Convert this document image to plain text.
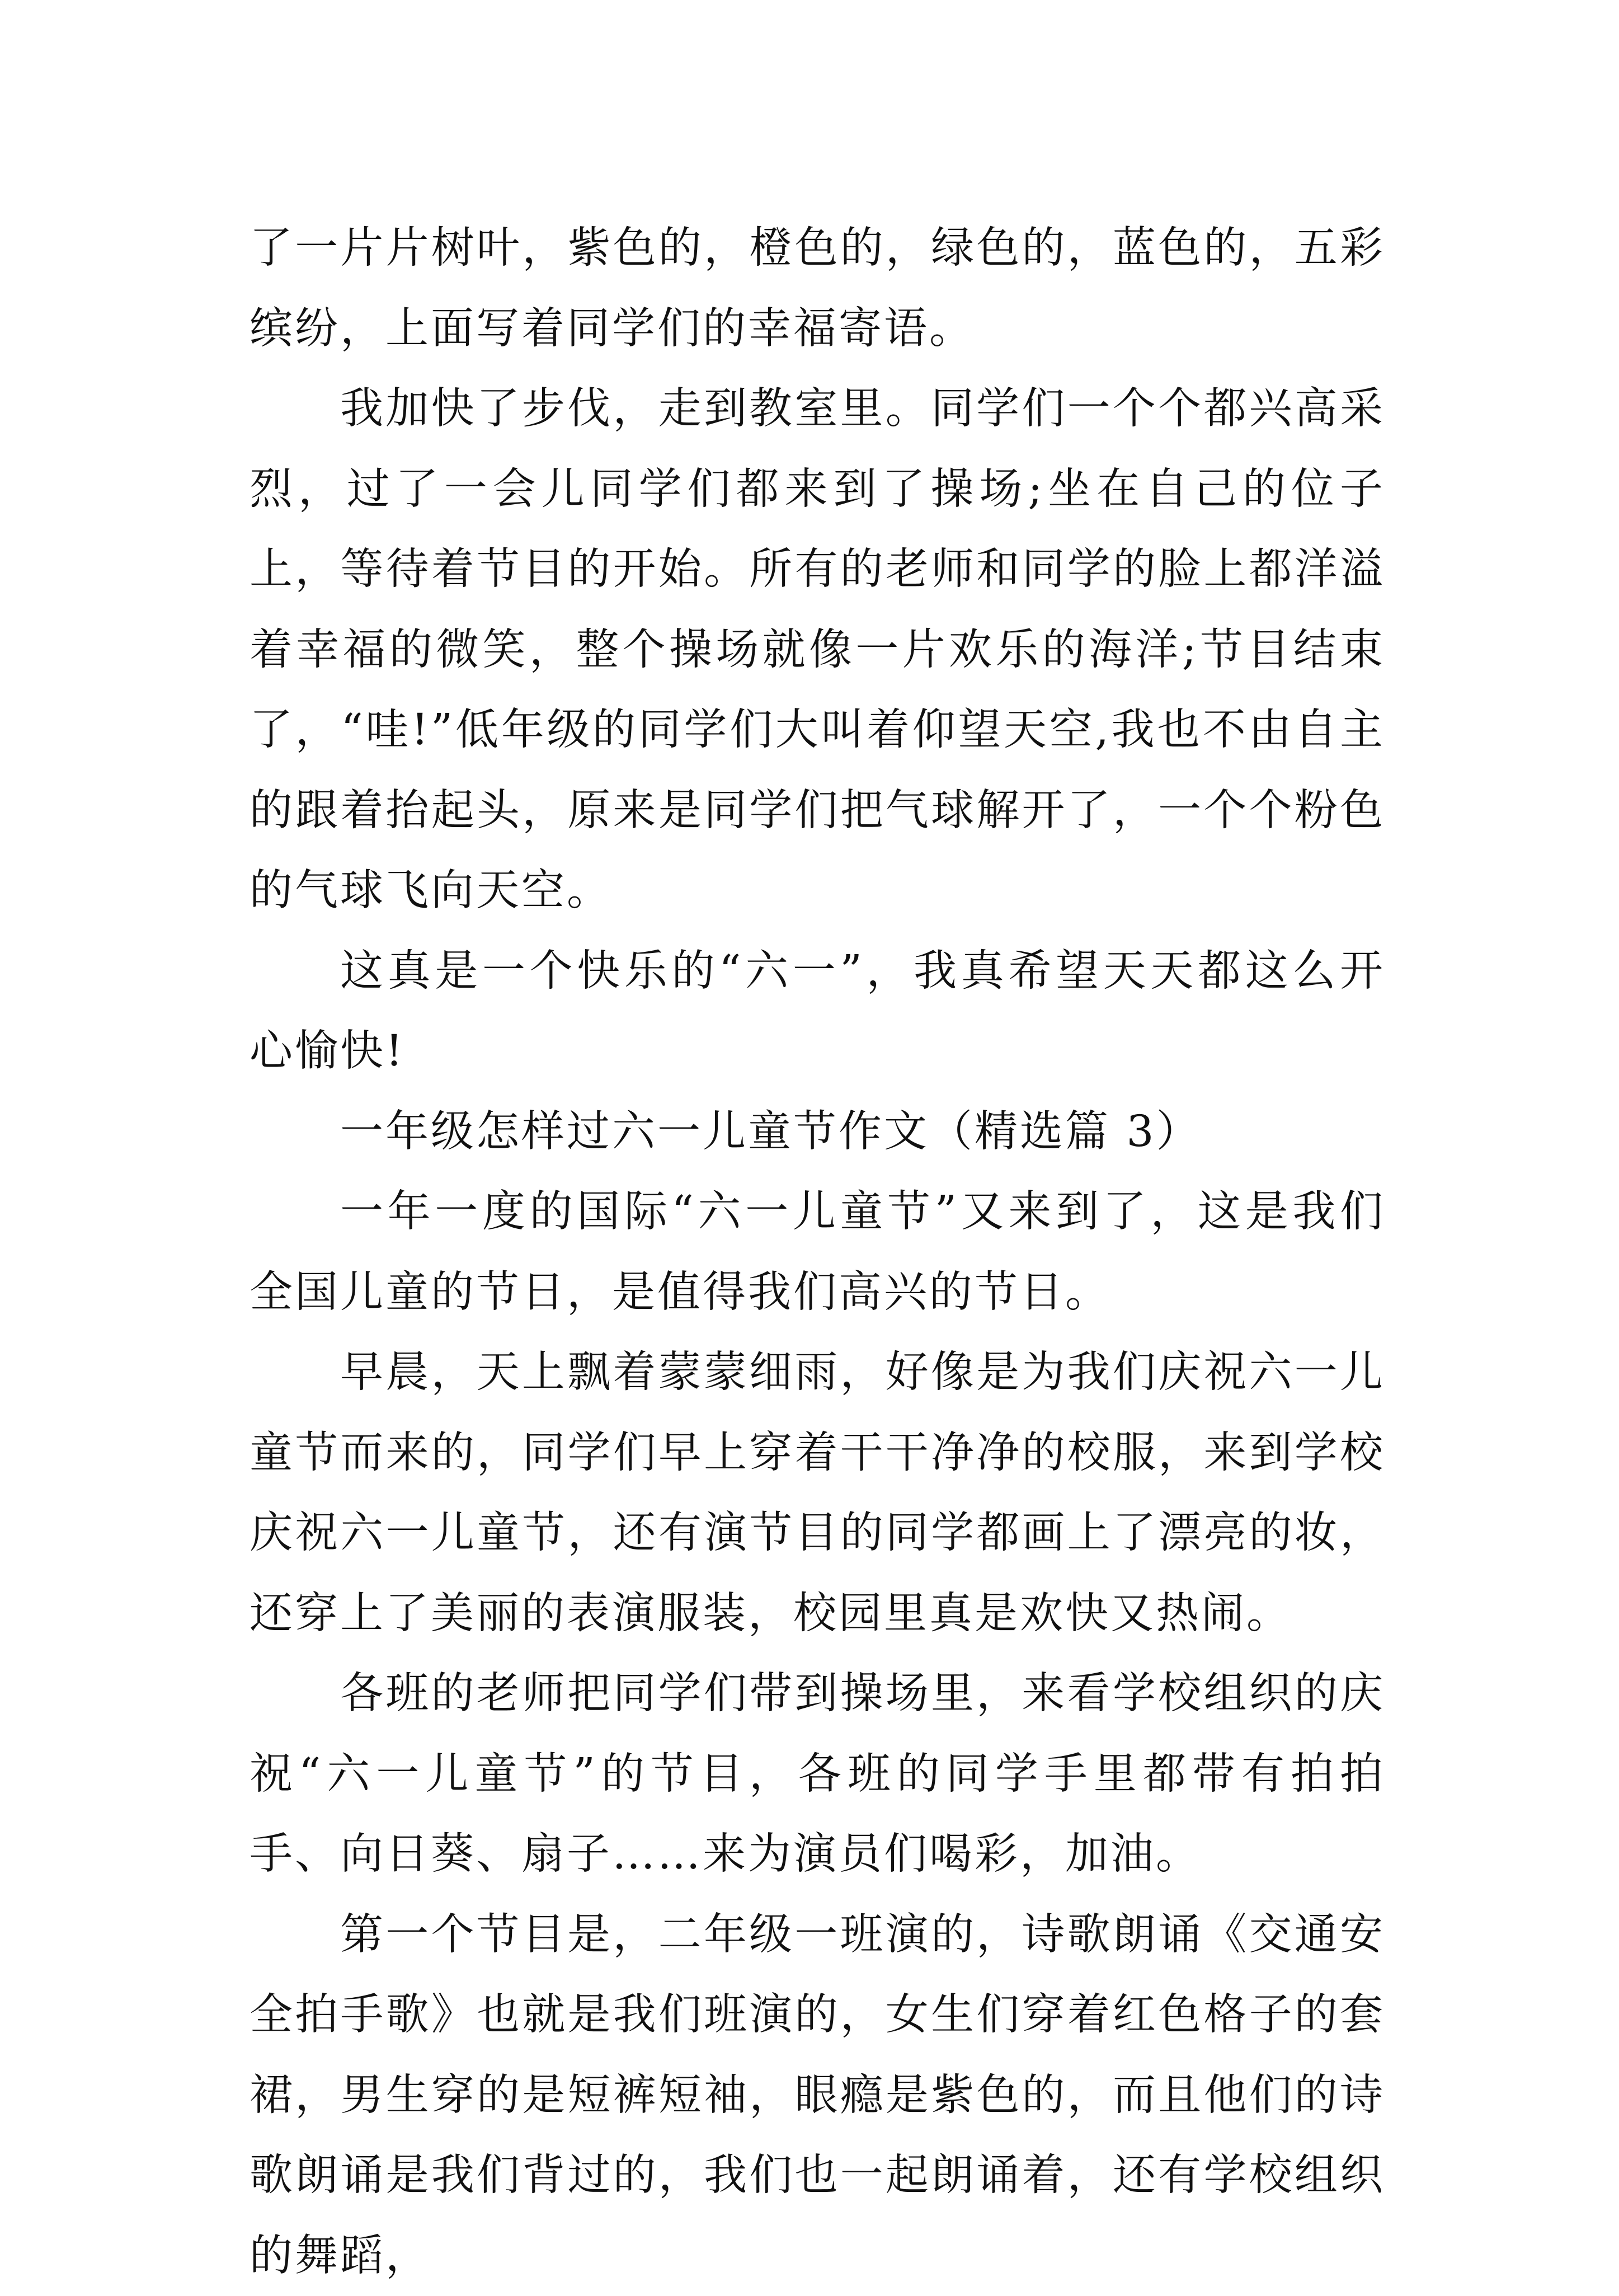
了一片片树叶，紫色的，橙色的，绿色的，蓝色的，五彩缤纷，上面写着同学们的幸福寄语。

我加快了步伐，走到教室里。同学们一个个都兴高采烈，过了一会儿同学们都来到了操场;坐在自己的位子上，等待着节目的开始。所有的老师和同学的脸上都洋溢着幸福的微笑，整个操场就像一片欢乐的海洋;节目结束了，“哇!”低年级的同学们大叫着仰望天空,我也不由自主的跟着抬起头，原来是同学们把气球解开了，一个个粉色的气球飞向天空。

这真是一个快乐的“六一”，我真希望天天都这么开心愉快!

一年级怎样过六一儿童节作文（精选篇 3）

一年一度的国际“六一儿童节”又来到了，这是我们全国儿童的节日，是值得我们高兴的节日。

早晨，天上飘着蒙蒙细雨，好像是为我们庆祝六一儿童节而来的，同学们早上穿着干干净净的校服，来到学校庆祝六一儿童节，还有演节目的同学都画上了漂亮的妆，还穿上了美丽的表演服装，校园里真是欢快又热闹。

各班的老师把同学们带到操场里，来看学校组织的庆祝“六一儿童节”的节目，各班的同学手里都带有拍拍手、向日葵、扇子……来为演员们喝彩，加油。

第一个节目是，二年级一班演的，诗歌朗诵《交通安全拍手歌》也就是我们班演的，女生们穿着红色格子的套裙，男生穿的是短裤短袖，眼瘾是紫色的，而且他们的诗歌朗诵是我们背过的，我们也一起朗诵着，还有学校组织的舞蹈，
